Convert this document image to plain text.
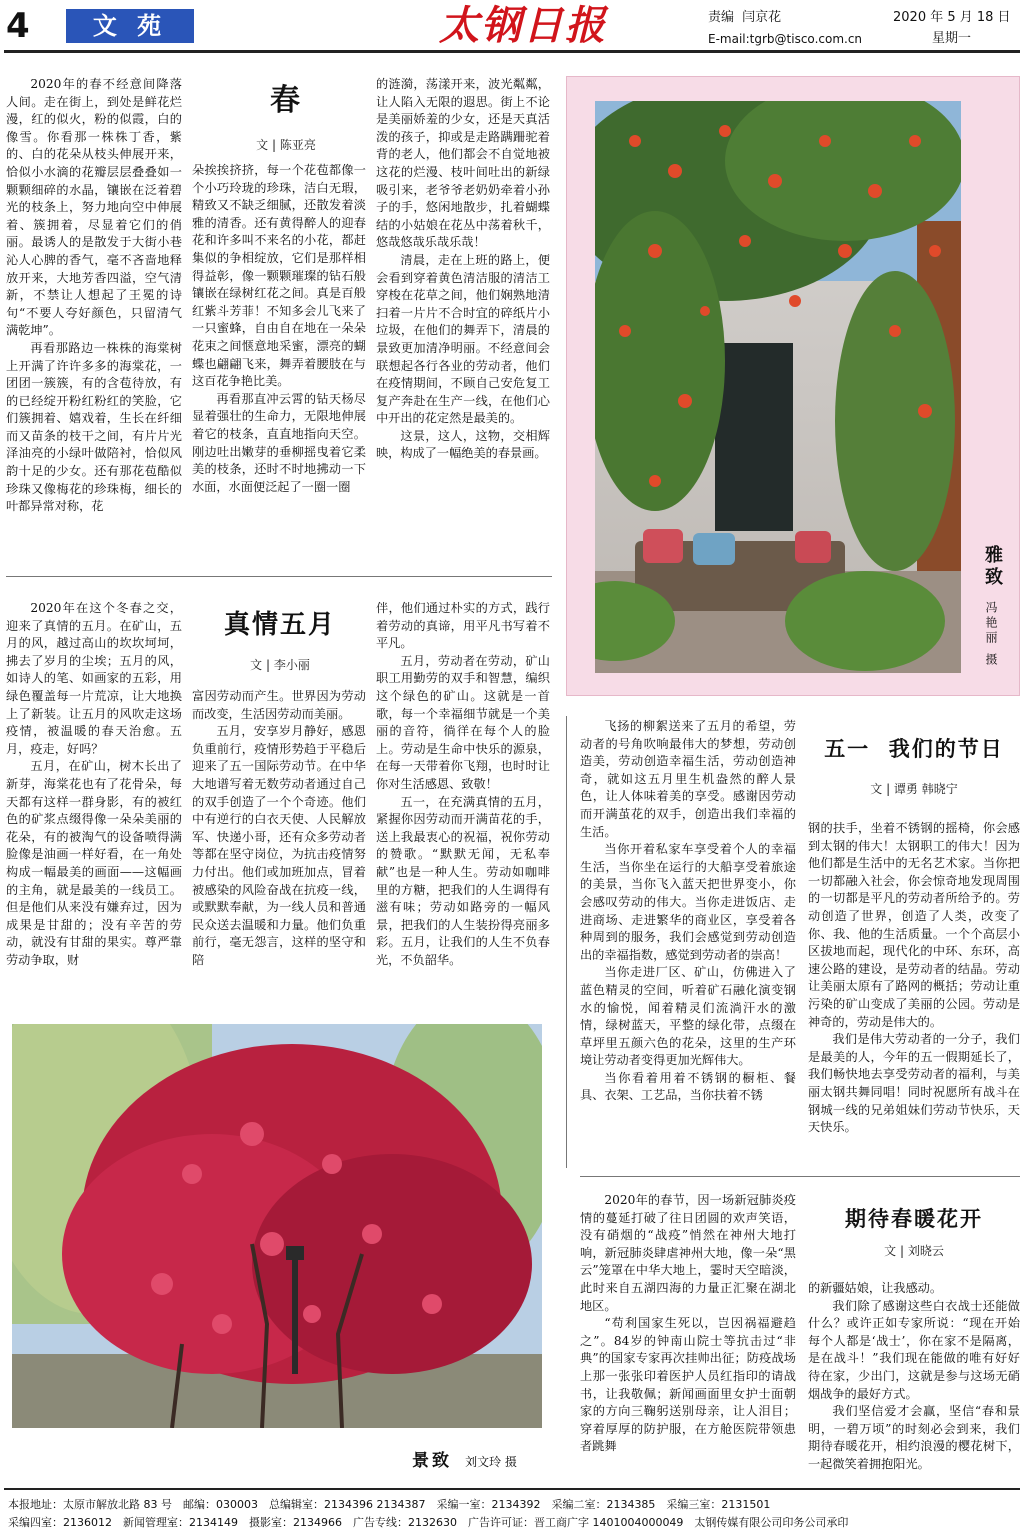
4	文 苑	太钢日报	责编 闫京花
E-mail:tgrb@tisco.com.cn
2020 年 5 月 18 日
星期一
春
文 | 陈亚亮

2020年的春不经意间降落人间。走在街上，到处是鲜花烂漫，红的似火，粉的似霞，白的像雪。你看那一株株丁香，紫的、白的花朵从枝头伸展开来，恰似小水滴的花瓣层层叠叠如一颗颗细碎的水晶，镶嵌在泛着碧光的枝条上，努力地向空中伸展着、簇拥着，尽显着它们的俏丽。最诱人的是散发于大街小巷沁人心脾的香气，毫不吝啬地释放开来，大地芳香四溢，空气清新，不禁让人想起了王冕的诗句“不要人夸好颜色，只留清气满乾坤”。

再看那路边一株株的海棠树上开满了许许多多的海棠花，一团团一簇簇，有的含苞待放，有的已经绽开粉红粉红的笑脸，它们簇拥着、嬉戏着，生长在纤细而又苗条的枝干之间，有片片光泽油亮的小绿叶做陪衬，恰似风韵十足的少女。还有那花苞酷似珍珠又像梅花的珍珠梅，细长的叶都异常对称，花

朵挨挨挤挤，每一个花苞都像一个小巧玲珑的珍珠，洁白无瑕，精致又不缺乏细腻，还散发着淡雅的清香。还有黄得醉人的迎春花和许多叫不来名的小花，都赶集似的争相绽放，它们是那样相得益彰，像一颗颗璀璨的钻石般镶嵌在绿树红花之间。真是百般红紫斗芳菲！不知多会儿飞来了一只蜜蜂，自由自在地在一朵朵花束之间惬意地采蜜，漂亮的蝴蝶也翩翩飞来，舞弄着腰肢在与这百花争艳比美。

再看那直冲云霄的钻天杨尽显着强壮的生命力，无限地伸展着它的枝条，直直地指向天空。刚边吐出嫩芽的垂柳摇曳着它柔美的枝条，还时不时地拂动一下水面，水面便泛起了一圈一圈

的涟漪，荡漾开来，波光粼粼，让人陷入无限的遐思。街上不论是美丽娇羞的少女，还是天真活泼的孩子，抑或是走路蹒跚驼着背的老人，他们都会不自觉地被这花的烂漫、枝叶间吐出的新绿吸引来，老爷爷老奶奶牵着小孙子的手，悠闲地散步，扎着蝴蝶结的小姑娘在花丛中荡着秋千，悠哉悠哉乐哉乐哉！

清晨，走在上班的路上，便会看到穿着黄色清洁服的清洁工穿梭在花草之间，他们娴熟地清扫着一片片不合时宜的碎纸片小垃圾，在他们的舞弄下，清晨的景致更加清净明丽。不经意间会联想起各行各业的劳动者，他们在疫情期间，不顾自己安危复工复产奔赴在生产一线，在他们心中开出的花定然是最美的。

这景，这人，这物，交相辉映，构成了一幅绝美的春景画。

雅致
冯艳丽 摄
真情五月
文 | 李小丽

2020年在这个冬春之交，迎来了真情的五月。在矿山，五月的风，越过高山的坎坎坷坷，拂去了岁月的尘埃；五月的风，如诗人的笔、如画家的五彩，用绿色覆盖每一片荒凉，让大地换上了新装。让五月的风吹走这场疫情，被温暖的春天治愈。五月，疫走，好吗？

五月，在矿山，树木长出了新芽，海棠花也有了花骨朵，每天都有这样一群身影，有的被红色的矿浆点缀得像一朵朵美丽的花朵，有的被淘气的设备喷得满脸像是油画一样好看，在一角处构成一幅最美的画面——这幅画的主角，就是最美的一线员工。但是他们从来没有嫌弃过，因为成果是甘甜的；没有辛苦的劳动，就没有甘甜的果实。尊严靠劳动争取，财

富因劳动而产生。世界因为劳动而改变，生活因劳动而美丽。

五月，安享岁月静好，感恩负重前行，疫情形势趋于平稳后迎来了五一国际劳动节。在中华大地谱写着无数劳动者通过自己的双手创造了一个个奇迹。他们中有逆行的白衣天使、人民解放军、快递小哥，还有众多劳动者等都在坚守岗位，为抗击疫情努力付出。他们或加班加点，冒着被感染的风险奋战在抗疫一线，或默默奉献，为一线人员和普通民众送去温暖和力量。他们负重前行，毫无怨言，这样的坚守和陪

伴，他们通过朴实的方式，践行着劳动的真谛，用平凡书写着不平凡。

五月，劳动者在劳动，矿山职工用勤劳的双手和智慧，编织这个绿色的矿山。这就是一首歌，每一个幸福细节就是一个美丽的音符，徜徉在每个人的脸上。劳动是生命中快乐的源泉，在每一天带着你飞翔，也时时让你对生活感恩、致敬！

五一，在充满真情的五月，紧握你因劳动而开满苗花的手，送上我最衷心的祝福，祝你劳动的赞歌。“默默无闻，无私奉献”也是一种人生。劳动如咖啡里的方糖，把我们的人生调得有滋有味；劳动如路旁的一幅风景，把我们的人生装扮得亮丽多彩。五月，让我们的人生不负春光，不负韶华。

景致 刘文玲 摄
五一  我们的节日
文 | 谭勇 韩晓宁

飞扬的柳絮送来了五月的希望，劳动者的号角吹响最伟大的梦想，劳动创造美，劳动创造幸福生活，劳动创造神奇，就如这五月里生机盎然的醉人景色，让人体味着美的享受。感谢因劳动而开满茧花的双手，创造出我们幸福的生活。

当你开着私家车享受着个人的幸福生活，当你坐在运行的大船享受着旅途的美景，当你飞入蓝天把世界变小，你会感叹劳动的伟大。当你走进饭店、走进商场、走进繁华的商业区，享受着各种周到的服务，我们会感觉到劳动创造出的幸福指数，感觉到劳动者的崇高！

当你走进厂区、矿山，仿佛进入了蓝色精灵的空间，听着矿石融化演变钢水的愉悦，闻着精灵们流淌汗水的激情，绿树蓝天，平整的绿化带，点缀在草坪里五颜六色的花朵，这里的生产环境让劳动者变得更加光辉伟大。

当你看着用着不锈钢的橱柜、餐具、衣架、工艺品，当你扶着不锈

钢的扶手，坐着不锈钢的摇椅，你会感到太钢的伟大！太钢职工的伟大！因为他们都是生活中的无名艺术家。当你把一切都融入社会，你会惊奇地发现周围的一切都是平凡的劳动者所给予的。劳动创造了世界，创造了人类，改变了你、我、他的生活质量。一个个高层小区拔地而起，现代化的中环、东环，高速公路的建设，是劳动者的结晶。劳动让美丽太原有了路网的概括；劳动让重污染的矿山变成了美丽的公园。劳动是神奇的，劳动是伟大的。

我们是伟大劳动者的一分子，我们是最美的人，今年的五一假期延长了，我们畅快地去享受劳动者的福利，与美丽太钢共舞同唱！同时祝愿所有战斗在钢城一线的兄弟姐妹们劳动节快乐，天天快乐。

期待春暖花开
文 | 刘晓云

2020年的春节，因一场新冠肺炎疫情的蔓延打破了往日团圆的欢声笑语，没有硝烟的“战疫”悄然在神州大地打响，新冠肺炎肆虐神州大地，像一朵“黑云”笼罩在中华大地上，霎时天空暗淡，此时来自五湖四海的力量正汇聚在湖北地区。

“苟利国家生死以，岂因祸福避趋之”。84岁的钟南山院士等抗击过“非典”的国家专家再次挂帅出征；防疫战场上那一张张印着医护人员红指印的请战书，让我敬佩；新闻画面里女护士面朝家的方向三鞠躬送别母亲，让人泪目；穿着厚厚的防护服，在方舱医院带领患者跳舞

的新疆姑娘，让我感动。

我们除了感谢这些白衣战士还能做什么？或许正如专家所说：“现在开始每个人都是‘战士’，你在家不是隔离，是在战斗！”我们现在能做的唯有好好待在家，少出门，这就是参与这场无硝烟战争的最好方式。

我们坚信爱才会赢，坚信“春和景明，一碧万顷”的时刻必会到来，我们期待春暖花开，相约浪漫的樱花树下，一起微笑着拥抱阳光。

本报地址：太原市解放北路 83 号　邮编：030003　总编辑室：2134396 2134387　采编一室：2134392　采编二室：2134385　采编三室：2131501
采编四室：2136012　新闻管理室：2134149　摄影室：2134966　广告专线：2132630　广告许可证：晋工商广字 1401004000049　太钢传媒有限公司印务公司承印
